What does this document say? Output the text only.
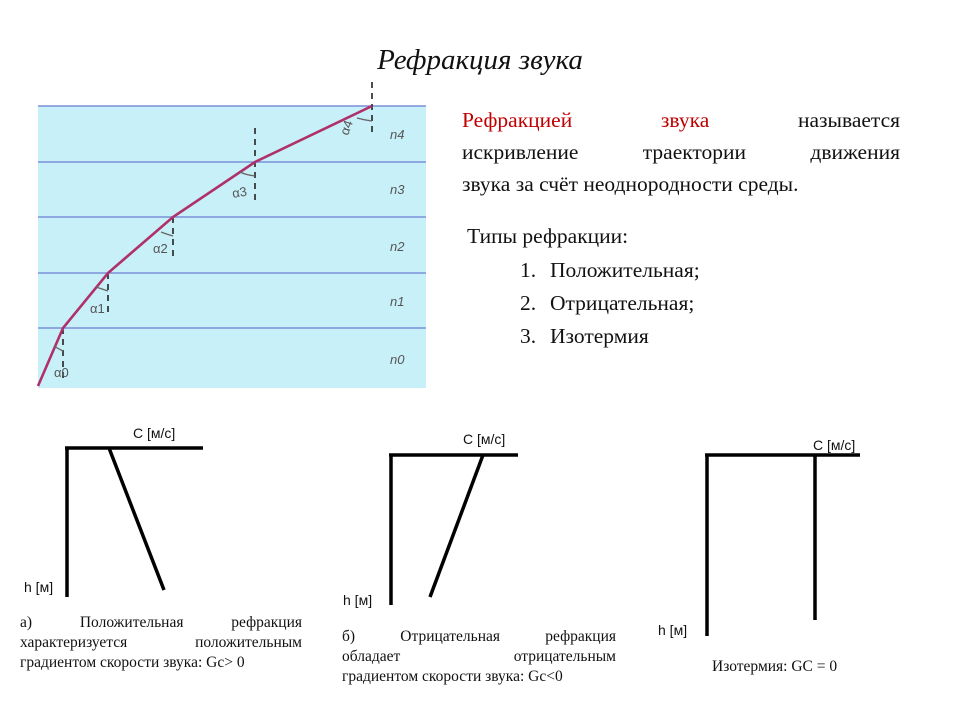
Рефракция звука
α0
α1
α2
α3
α4
n0
n1
n2
n3
n4
Рефракцией звука	называется
искривление траектории движения
звука за счёт неоднородности среды.
Типы рефракции:
1. Положительная;
2. Отрицательная;
3. Изотермия
C [м/с]
h [м]
а) Положительная рефракция
характеризуется положительным
градиентом скорости звука: Gс> 0
C [м/с]
h [м]
б) Отрицательная рефракция
обладает отрицательным
градиентом скорости звука: Gc<0
C [м/с]
h [м]
Изотермия: GC = 0
